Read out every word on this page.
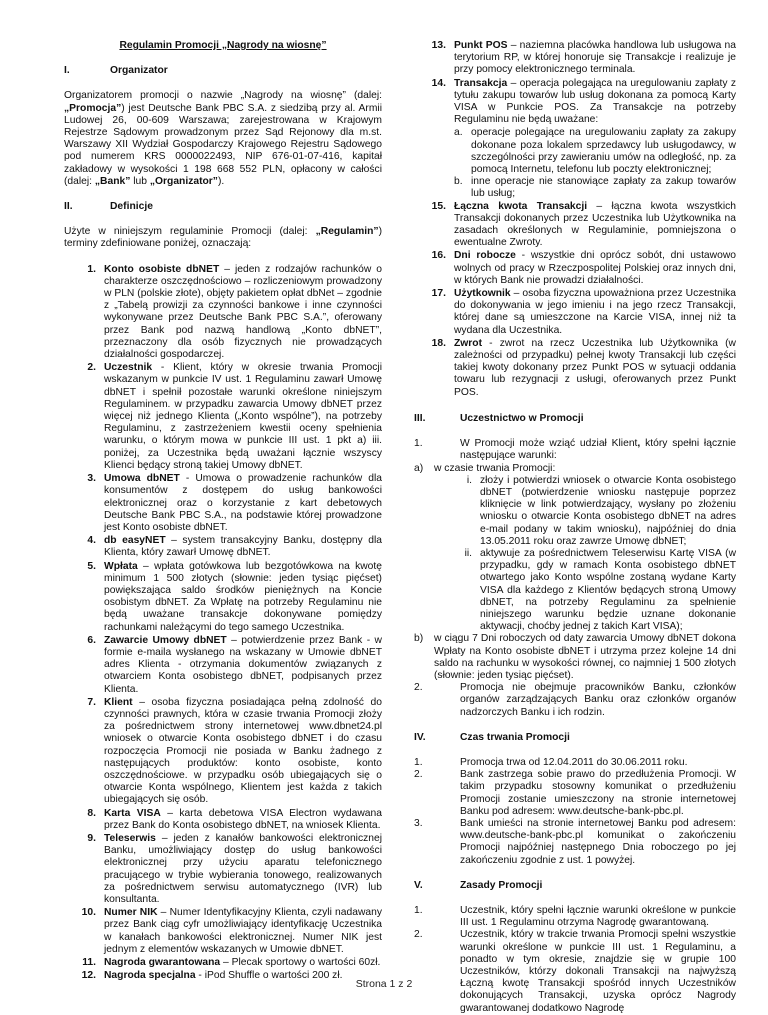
Regulamin Promocji „Nagrody na wiosnę”

I.	Organizator

Organizatorem promocji o nazwie „Nagrody na wiosnę” (dalej: „Promocja”) jest Deutsche Bank PBC S.A. z siedzibą przy al. Armii Ludowej 26, 00-609 Warszawa; zarejestrowana w Krajowym Rejestrze Sądowym prowadzonym przez Sąd Rejonowy dla m.st. Warszawy XII Wydział Gospodarczy Krajowego Rejestru Sądowego pod numerem KRS 0000022493, NIP 676-01-07-416, kapitał zakładowy w wysokości 1 198 668 552 PLN, opłacony w całości (dalej: „Bank” lub „Organizator”).

II.	Definicje

Użyte w niniejszym regulaminie Promocji (dalej: „Regulamin”) terminy zdefiniowane poniżej, oznaczają:

1. Konto osobiste dbNET – jeden z rodzajów rachunków o charakterze oszczędnościowo – rozliczeniowym prowadzony w PLN (polskie złote), objęty pakietem opłat dbNet – zgodnie z „Tabelą prowizji za czynności bankowe i inne czynności wykonywane przez Deutsche Bank PBC S.A.”, oferowany przez Bank pod nazwą handlową „Konto dbNET”, przeznaczony dla osób fizycznych nie prowadzących działalności gospodarczej.
2. Uczestnik - Klient, który w okresie trwania Promocji wskazanym w punkcie IV ust. 1 Regulaminu zawarł Umowę dbNET i spełnił pozostałe warunki określone niniejszym Regulaminem. w przypadku zawarcia Umowy dbNET przez więcej niż jednego Klienta („Konto wspólne”), na potrzeby Regulaminu, z zastrzeżeniem kwestii oceny spełnienia warunku, o którym mowa w punkcie III ust. 1 pkt a) iii. poniżej, za Uczestnika będą uważani łącznie wszyscy Klienci będący stroną takiej Umowy dbNET.
3. Umowa dbNET - Umowa o prowadzenie rachunków dla konsumentów z dostępem do usług bankowości elektronicznej oraz o korzystanie z kart debetowych Deutsche Bank PBC S.A., na podstawie której prowadzone jest Konto osobiste dbNET.
4. db easyNET – system transakcyjny Banku, dostępny dla Klienta, który zawarł Umowę dbNET.
5. Wpłata – wpłata gotówkowa lub bezgotówkowa na kwotę minimum 1 500 złotych (słownie: jeden tysiąc pięćset) powiększająca saldo środków pieniężnych na Koncie osobistym dbNET. Za Wpłatę na potrzeby Regulaminu nie będą uważane transakcje dokonywane pomiędzy rachunkami należącymi do tego samego Uczestnika.
6. Zawarcie Umowy dbNET – potwierdzenie przez Bank - w formie e-maila wysłanego na wskazany w Umowie dbNET adres Klienta - otrzymania dokumentów związanych z otwarciem Konta osobistego dbNET, podpisanych przez Klienta.
7. Klient – osoba fizyczna posiadająca pełną zdolność do czynności prawnych, która w czasie trwania Promocji złoży za pośrednictwem strony internetowej www.dbnet24.pl wniosek o otwarcie Konta osobistego dbNET i do czasu rozpoczęcia Promocji nie posiada w Banku żadnego z następujących produktów: konto osobiste, konto oszczędnościowe. w przypadku osób ubiegających się o otwarcie Konta wspólnego, Klientem jest każda z takich ubiegających się osób.
8. Karta VISA – karta debetowa VISA Electron wydawana przez Bank do Konta osobistego dbNET, na wniosek Klienta.
9. Teleserwis – jeden z kanałów bankowości elektronicznej Banku, umożliwiający dostęp do usług bankowości elektronicznej przy użyciu aparatu telefonicznego pracującego w trybie wybierania tonowego, realizowanych za pośrednictwem serwisu automatycznego (IVR) lub konsultanta.
10. Numer NIK – Numer Identyfikacyjny Klienta, czyli nadawany przez Bank ciąg cyfr umożliwiający identyfikację Uczestnika w kanałach bankowości elektronicznej. Numer NIK jest jednym z elementów wskazanych w Umowie dbNET.
11. Nagroda gwarantowana – Plecak sportowy o wartości 60zł.
12. Nagroda specjalna - iPod Shuffle o wartości 200 zł.
13. Punkt POS – naziemna placówka handlowa lub usługowa na terytorium RP, w której honoruje się Transakcje i realizuje je przy pomocy elektronicznego terminala.
14. Transakcja – operacja polegająca na uregulowaniu zapłaty z tytułu zakupu towarów lub usług dokonana za pomocą Karty VISA w Punkcie POS. Za Transakcje na potrzeby Regulaminu nie będą uważane:
a. operacje polegające na uregulowaniu zapłaty za zakupy dokonane poza lokalem sprzedawcy lub usługodawcy, w szczególności przy zawieraniu umów na odległość, np. za pomocą Internetu, telefonu lub poczty elektronicznej;
b. inne operacje nie stanowiące zapłaty za zakup towarów lub usług;
15. Łączna kwota Transakcji – łączna kwota wszystkich Transakcji dokonanych przez Uczestnika lub Użytkownika na zasadach określonych w Regulaminie, pomniejszona o ewentualne Zwroty.
16. Dni robocze - wszystkie dni oprócz sobót, dni ustawowo wolnych od pracy w Rzeczpospolitej Polskiej oraz innych dni, w których Bank nie prowadzi działalności.
17. Użytkownik – osoba fizyczna upoważniona przez Uczestnika do dokonywania w jego imieniu i na jego rzecz Transakcji, której dane są umieszczone na Karcie VISA, innej niż ta wydana dla Uczestnika.
18. Zwrot - zwrot na rzecz Uczestnika lub Użytkownika (w zależności od przypadku) pełnej kwoty Transakcji lub części takiej kwoty dokonany przez Punkt POS w sytuacji oddania towaru lub rezygnacji z usługi, oferowanych przez Punkt POS.
III.	Uczestnictwo w Promocji
1.	W Promocji może wziąć udział Klient, który spełni łącznie następujące warunki:
a)	w czasie trwania Promocji:
i. złoży i potwierdzi wniosek o otwarcie Konta osobistego dbNET (potwierdzenie wniosku następuje poprzez kliknięcie w link potwierdzający, wysłany po złożeniu wniosku o otwarcie Konta osobistego dbNET na adres e-mail podany w takim wniosku), najpóźniej do dnia 13.05.2011 roku oraz zawrze Umowę dbNET;
ii. aktywuje za pośrednictwem Teleserwisu Kartę VISA (w przypadku, gdy w ramach Konta osobistego dbNET otwartego jako Konto wspólne zostaną wydane Karty VISA dla każdego z Klientów będących stroną Umowy dbNET, na potrzeby Regulaminu za spełnienie niniejszego warunku będzie uznane dokonanie aktywacji, choćby jednej z takich Kart VISA);
b)	w ciągu 7 Dni roboczych od daty zawarcia Umowy dbNET dokona Wpłaty na Konto osobiste dbNET i utrzyma przez kolejne 14 dni saldo na rachunku w wysokości równej, co najmniej 1 500 złotych (słownie: jeden tysiąc pięćset).
2.	Promocja nie obejmuje pracowników Banku, członków organów zarządzających Banku oraz członków organów nadzorczych Banku i ich rodzin.
IV.	Czas trwania Promocji
1.	Promocja trwa od 12.04.2011 do 30.06.2011 roku.
2.	Bank zastrzega sobie prawo do przedłużenia Promocji. W takim przypadku stosowny komunikat o przedłużeniu Promocji zostanie umieszczony na stronie internetowej Banku pod adresem: www.deutsche-bank-pbc.pl.
3.	Bank umieści na stronie internetowej Banku pod adresem: www.deutsche-bank-pbc.pl komunikat o zakończeniu Promocji najpóźniej następnego Dnia roboczego po jej zakończeniu zgodnie z ust. 1 powyżej.
V.	Zasady Promocji
1.	Uczestnik, który spełni łącznie warunki określone w punkcie III ust. 1 Regulaminu otrzyma Nagrodę gwarantowaną.
2.	Uczestnik, który w trakcie trwania Promocji spełni wszystkie warunki określone w punkcie III ust. 1 Regulaminu, a ponadto w tym okresie, znajdzie się w grupie 100 Uczestników, którzy dokonali Transakcji na najwyższą Łączną kwotę Transakcji spośród innych Uczestników dokonujących Transakcji, uzyska oprócz Nagrody gwarantowanej dodatkowo Nagrodę
Strona 1 z 2
